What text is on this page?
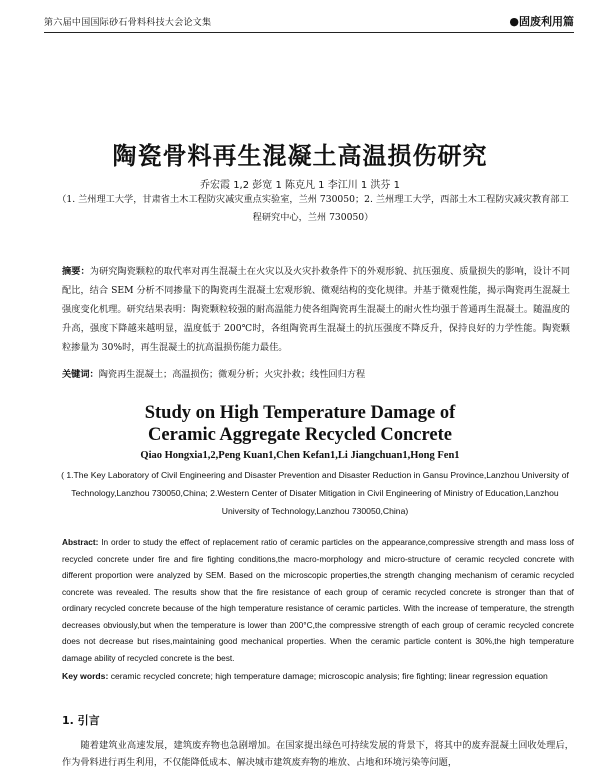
第六届中国国际砂石骨料科技大会论文集	●固废利用篇
陶瓷骨料再生混凝土高温损伤研究
乔宏霞 1,2 彭宽 1 陈克凡 1 李江川 1 洪芬 1
（1. 兰州理工大学，甘肃省土木工程防灾减灾重点实验室，兰州 730050；2. 兰州理工大学，西部土木工程防灾减灾教育部工程研究中心，兰州 730050）
摘要：为研究陶瓷颗粒的取代率对再生混凝土在火灾以及火灾扑救条件下的外观形貌、抗压强度、质量损失的影响，设计不同配比，结合 SEM 分析不同掺量下的陶瓷再生混凝土宏观形貌、微观结构的变化规律。并基于微观性能，揭示陶瓷再生混凝土强度变化机理。研究结果表明：陶瓷颗粒较强的耐高温能力使各组陶瓷再生混凝土的耐火性均强于普通再生混凝土。随温度的升高，强度下降越来越明显，温度低于 200℃时，各组陶瓷再生混凝土的抗压强度不降反升，保持良好的力学性能。陶瓷颗粒掺量为 30%时，再生混凝土的抗高温损伤能力最佳。
关键词：陶瓷再生混凝土；高温损伤；微观分析；火灾扑救；线性回归方程
Study on High Temperature Damage of Ceramic Aggregate Recycled Concrete
Qiao Hongxia1,2,Peng Kuan1,Chen Kefan1,Li Jiangchuan1,Hong Fen1
( 1.The Key Laboratory of Civil Engineering and Disaster Prevention and Disaster Reduction in Gansu Province,Lanzhou University of Technology,Lanzhou 730050,China; 2.Western Center of Disater Mitigation in Civil Engineering of Ministry of Education,Lanzhou University of Technology,Lanzhou 730050,China)
Abstract: In order to study the effect of replacement ratio of ceramic particles on the appearance,compressive strength and mass loss of recycled concrete under fire and fire fighting conditions,the macro-morphology and micro-structure of ceramic recycled concrete with different proportion were analyzed by SEM. Based on the microscopic properties,the strength changing mechanism of ceramic recycled concrete was revealed. The results show that the fire resistance of each group of ceramic recycled concrete is stronger than that of ordinary recycled concrete because of the high temperature resistance of ceramic particles. With the increase of temperature, the strength decreases obviously,but when the temperature is lower than 200°C,the compressive strength of each group of ceramic recycled concrete does not decrease but rises,maintaining good mechanical properties. When the ceramic particle content is 30%,the high temperature damage ability of recycled concrete is the best.
Key words: ceramic recycled concrete; high temperature damage; microscopic analysis; fire fighting; linear regression equation
1. 引言
随着建筑业高速发展，建筑废弃物也急剧增加。在国家提出绿色可持续发展的背景下，将其中的废弃混凝土回收处理后，作为骨料进行再生利用，不仅能降低成本、解决城市建筑废弃物的堆放、占地和环境污染等问题，
